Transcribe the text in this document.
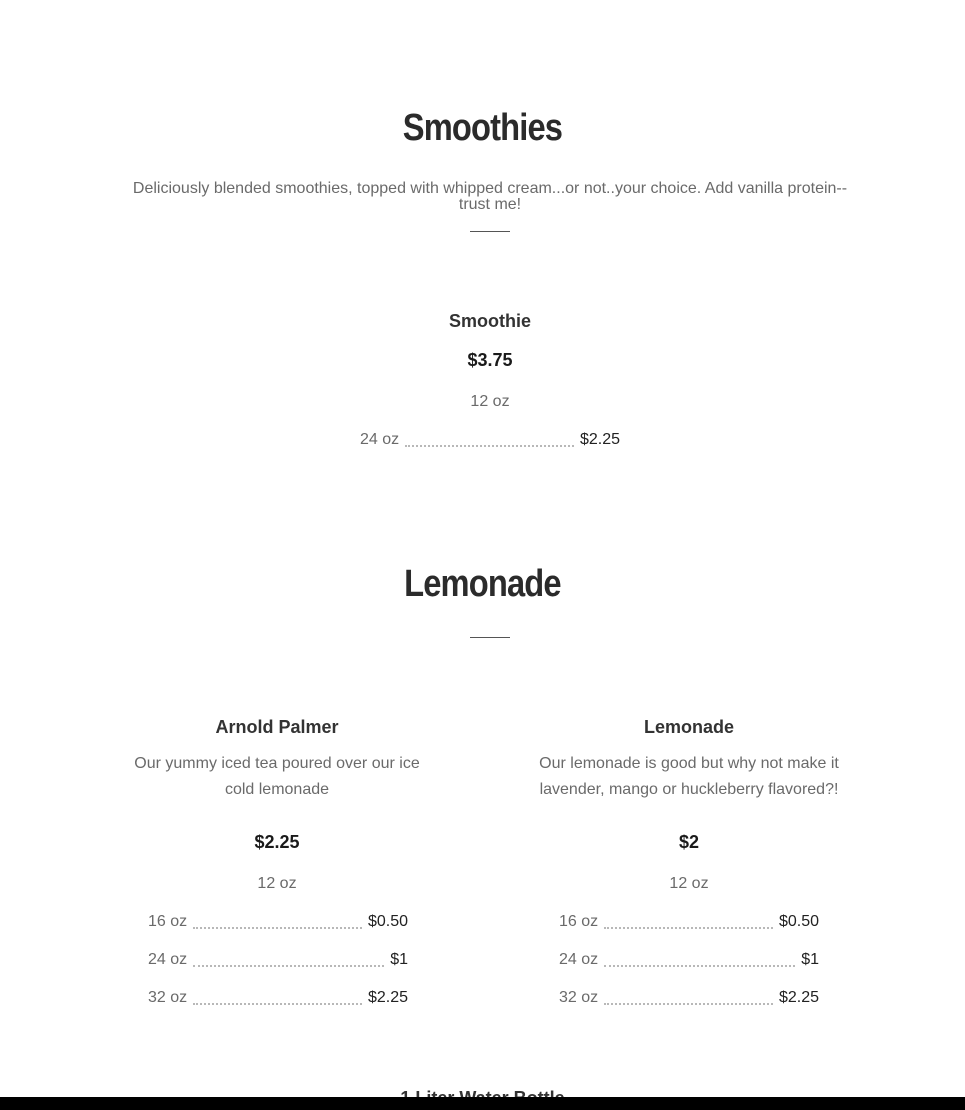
Smoothies

Deliciously blended smoothies, topped with whipped cream...or not..your choice. Add vanilla protein--trust me!

Smoothie
$3.75
12 oz
24 oz	$2.25
Lemonade
Arnold Palmer

Our yummy iced tea poured over our ice cold lemonade

$2.25
12 oz
16 oz	$0.50
24 oz	$1
32 oz	$2.25
Lemonade

Our lemonade is good but why not make it lavender, mango or huckleberry flavored?!

$2
12 oz
16 oz	$0.50
24 oz	$1
32 oz	$2.25
